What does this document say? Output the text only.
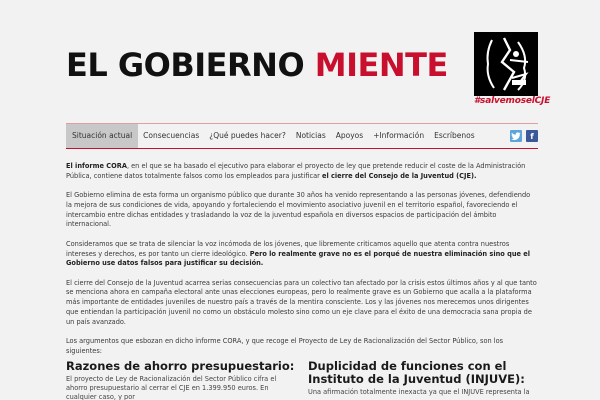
EL GOBIERNO MIENTE
#salvemoselCJE
Situación actual	Consecuencias	¿Qué puedes hacer?	Noticias	Apoyos	+Información	Escríbenos	f

El informe CORA, en el que se ha basado el ejecutivo para elaborar el proyecto de ley que pretende reducir el coste de la Administración Pública, contiene datos totalmente falsos como los empleados para justificar el cierre del Consejo de la Juventud (CJE).

El Gobierno elimina de esta forma un organismo público que durante 30 años ha venido representando a las personas jóvenes, defendiendo la mejora de sus condiciones de vida, apoyando y fortaleciendo el movimiento asociativo juvenil en el territorio español, favoreciendo el intercambio entre dichas entidades y trasladando la voz de la juventud española en diversos espacios de participación del ámbito internacional.

Consideramos que se trata de silenciar la voz incómoda de los jóvenes, que libremente criticamos aquello que atenta contra nuestros intereses y derechos, es por tanto un cierre ideológico. Pero lo realmente grave no es el porqué de nuestra eliminación sino que el Gobierno use datos falsos para justificar su decisión.

El cierre del Consejo de la Juventud acarrea serias consecuencias para un colectivo tan afectado por la crisis estos últimos años y al que tanto se menciona ahora en campaña electoral ante unas elecciones europeas, pero lo realmente grave es un Gobierno que acalla a la plataforma más importante de entidades juveniles de nuestro país a través de la mentira consciente. Los y las jóvenes nos merecemos unos dirigentes que entiendan la participación juvenil no como un obstáculo molesto sino como un eje clave para el éxito de una democracia sana propia de un país avanzado.

Los argumentos que esbozan en dicho informe CORA, y que recoge el Proyecto de Ley de Racionalización del Sector Público, son los siguientes:

Razones de ahorro presupuestario:

El proyecto de Ley de Racionalización del Sector Público cifra el ahorro presupuestario al cerrar el CJE en 1.399.950 euros. En cualquier caso, y por

Duplicidad de funciones con el Instituto de la Juventud (INJUVE):

Una afirmación totalmente inexacta ya que el INJUVE representa la
